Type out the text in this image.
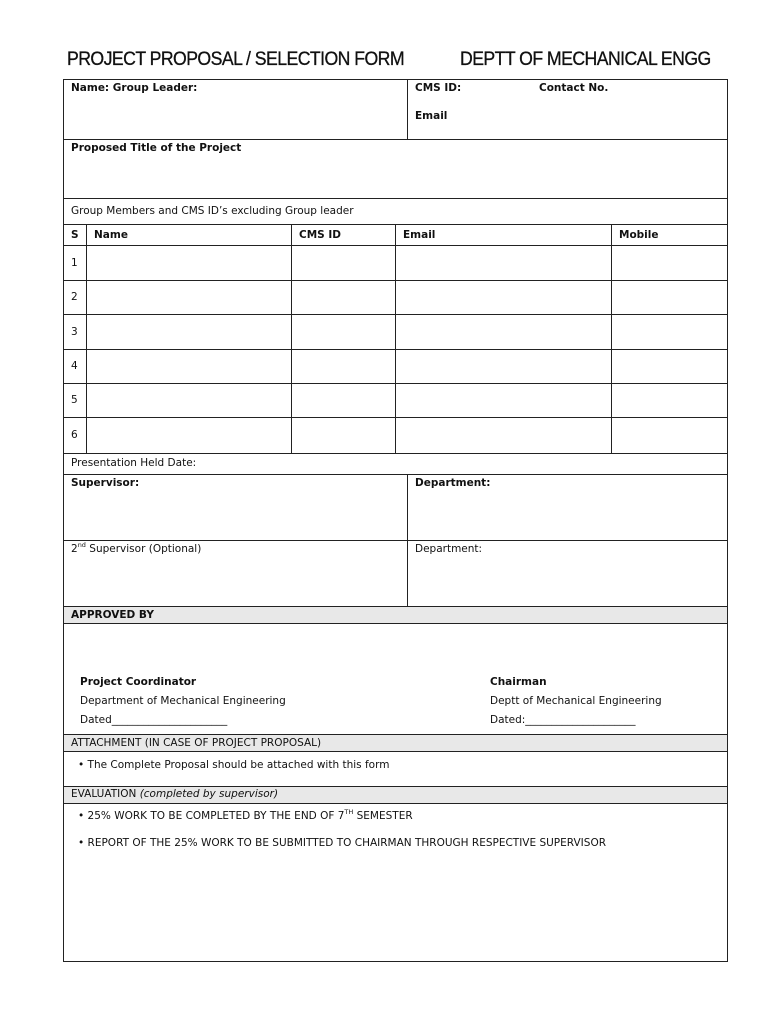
PROJECT PROPOSAL / SELECTION FORM	DEPTT OF MECHANICAL ENGG
Name: Group Leader:	CMS ID:	Contact No.
Email
Proposed Title of the Project
Group Members and CMS ID’s excluding Group leader
S Name	CMS ID	Email	Mobile
1
2
3
4
5
6
Presentation Held Date:
Supervisor:	Department:
2nd Supervisor (Optional)	Department:
APPROVED BY
Project Coordinator
Department of Mechanical Engineering
Dated______________________
Chairman
Deptt of Mechanical Engineering
Dated:_____________________
ATTACHMENT (IN CASE OF PROJECT PROPOSAL)
• The Complete Proposal should be attached with this form
EVALUATION (completed by supervisor)
• 25% WORK TO BE COMPLETED BY THE END OF 7TH SEMESTER
• REPORT OF THE 25% WORK TO BE SUBMITTED TO CHAIRMAN THROUGH RESPECTIVE SUPERVISOR
